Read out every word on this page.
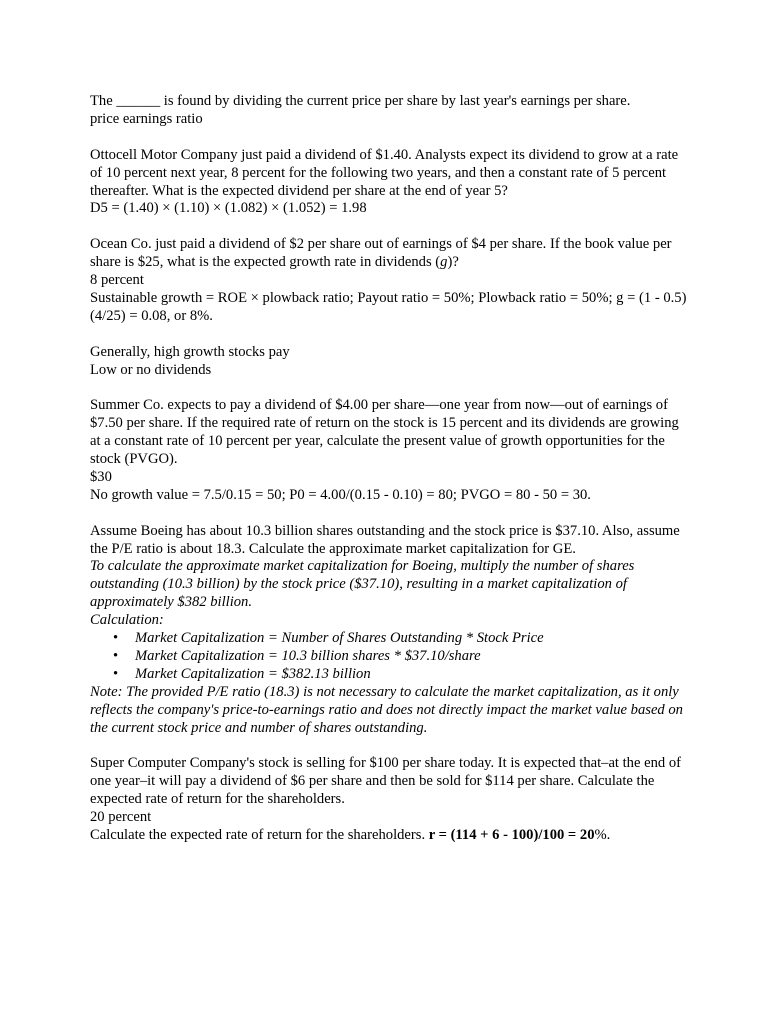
The ______ is found by dividing the current price per share by last year's earnings per share.

price earnings ratio

Ottocell Motor Company just paid a dividend of $1.40. Analysts expect its dividend to grow at a rate of 10 percent next year, 8 percent for the following two years, and then a constant rate of 5 percent thereafter. What is the expected dividend per share at the end of year 5?

D5 = (1.40) × (1.10) × (1.082) × (1.052) = 1.98

Ocean Co. just paid a dividend of $2 per share out of earnings of $4 per share. If the book value per share is $25, what is the expected growth rate in dividends (g)?

8 percent

Sustainable growth = ROE × plowback ratio; Payout ratio = 50%; Plowback ratio = 50%; g = (1 - 0.5)(4/25) = 0.08, or 8%.

Generally, high growth stocks pay

Low or no dividends

Summer Co. expects to pay a dividend of $4.00 per share—one year from now—out of earnings of $7.50 per share. If the required rate of return on the stock is 15 percent and its dividends are growing at a constant rate of 10 percent per year, calculate the present value of growth opportunities for the stock (PVGO).

$30

No growth value = 7.5/0.15 = 50; P0 = 4.00/(0.15 - 0.10) = 80; PVGO = 80 - 50 = 30.

Assume Boeing has about 10.3 billion shares outstanding and the stock price is $37.10. Also, assume the P/E ratio is about 18.3. Calculate the approximate market capitalization for GE.

To calculate the approximate market capitalization for Boeing, multiply the number of shares outstanding (10.3 billion) by the stock price ($37.10), resulting in a market capitalization of approximately $382 billion.

Calculation:

• Market Capitalization = Number of Shares Outstanding * Stock Price
• Market Capitalization = 10.3 billion shares * $37.10/share
• Market Capitalization = $382.13 billion

Note: The provided P/E ratio (18.3) is not necessary to calculate the market capitalization, as it only reflects the company's price-to-earnings ratio and does not directly impact the market value based on the current stock price and number of shares outstanding.

Super Computer Company's stock is selling for $100 per share today. It is expected that–at the end of one year–it will pay a dividend of $6 per share and then be sold for $114 per share. Calculate the expected rate of return for the shareholders.

20 percent

Calculate the expected rate of return for the shareholders. r = (114 + 6 - 100)/100 = 20%.
